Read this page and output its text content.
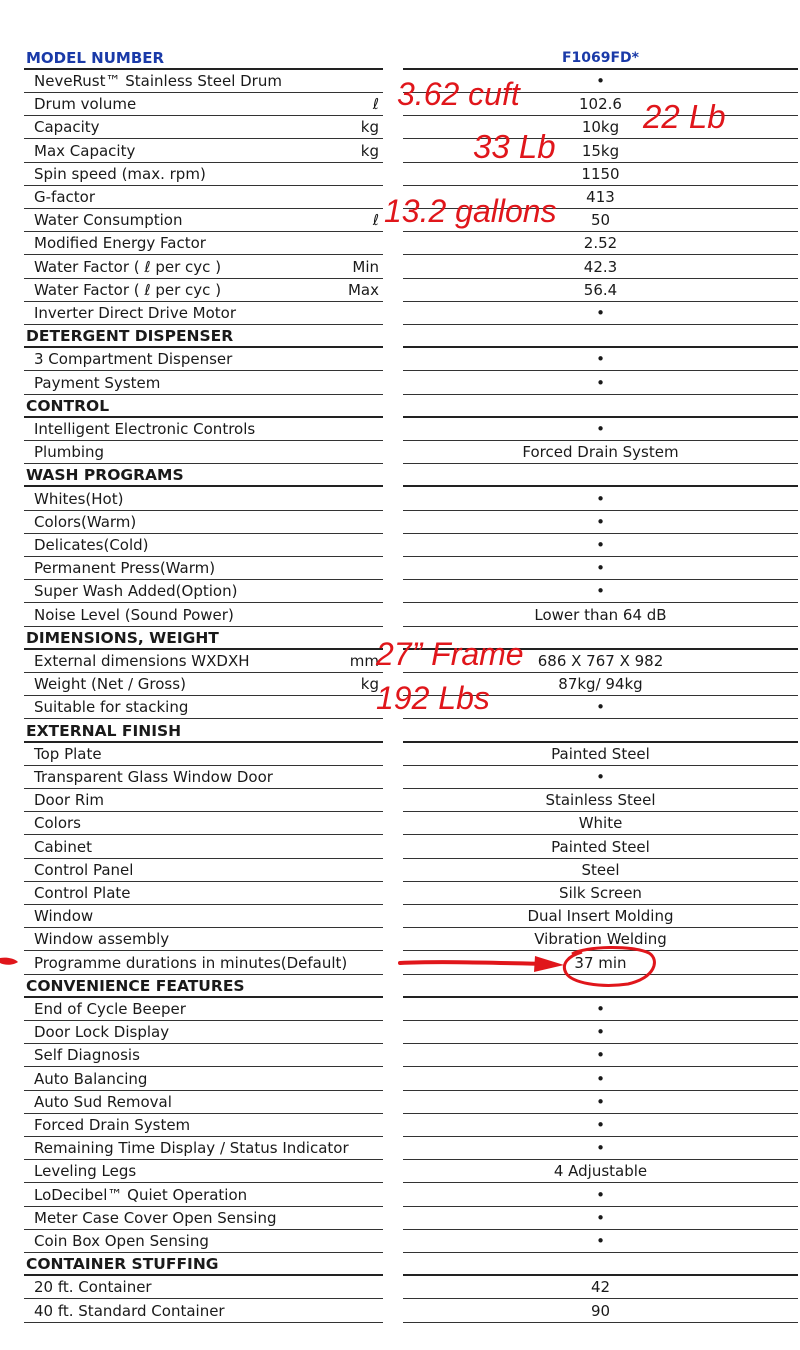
MODEL NUMBER	F1069FD*
NeveRust™ Stainless Steel Drum	•
Drum volume	ℓ	102.6
Capacity	kg	10kg
Max Capacity	kg	15kg
Spin speed (max. rpm)	1150
G-factor	413
Water Consumption	ℓ	50
Modified Energy Factor	2.52
Water Factor ( ℓ per cyc )	Min	42.3
Water Factor ( ℓ per cyc )	Max	56.4
Inverter Direct Drive Motor	•
DETERGENT DISPENSER
3 Compartment Dispenser	•
Payment System	•
CONTROL
Intelligent Electronic Controls	•
Plumbing	Forced Drain System
WASH PROGRAMS
Whites(Hot)	•
Colors(Warm)	•
Delicates(Cold)	•
Permanent Press(Warm)	•
Super Wash Added(Option)	•
Noise Level (Sound Power)	Lower than 64 dB
DIMENSIONS, WEIGHT
External dimensions WXDXH	mm	686 X 767 X 982
Weight (Net / Gross)	kg	87kg/ 94kg
Suitable for stacking	•
EXTERNAL FINISH
Top Plate	Painted Steel
Transparent Glass Window Door	•
Door Rim	Stainless Steel
Colors	White
Cabinet	Painted Steel
Control Panel	Steel
Control Plate	Silk Screen
Window	Dual Insert Molding
Window assembly	Vibration Welding
Programme durations in minutes(Default)	37 min
CONVENIENCE FEATURES
End of Cycle Beeper	•
Door Lock Display	•
Self Diagnosis	•
Auto Balancing	•
Auto Sud Removal	•
Forced Drain System	•
Remaining Time Display / Status Indicator	•
Leveling Legs	4 Adjustable
LoDecibel™ Quiet Operation	•
Meter Case Cover Open Sensing	•
Coin Box Open Sensing	•
CONTAINER STUFFING
20 ft. Container	42
40 ft. Standard Container	90
3.62 cuft
22 Lb
33 Lb
13.2 gallons
27” Frame
192 Lbs
